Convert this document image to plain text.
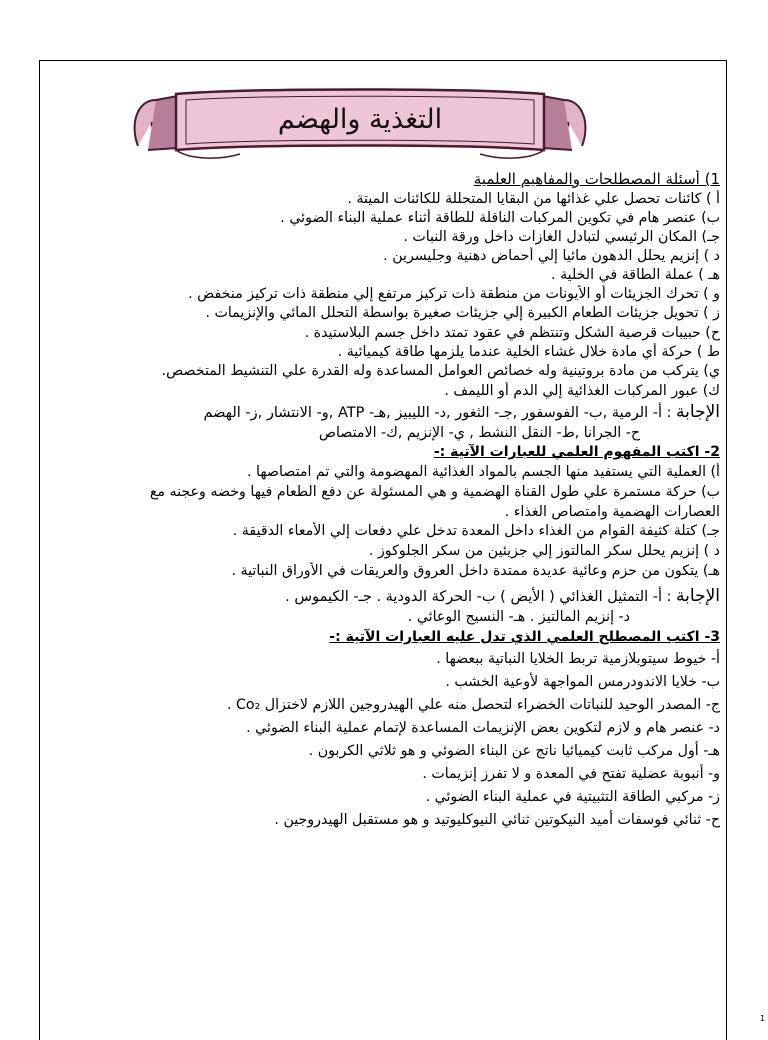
التغذية والهضم
1) أسئلة المصطلحات والمفاهيم العلمية
أ ) كائنات تحصل علي غذائها من البقايا المتحللة للكائنات الميتة .
ب) عنصر هام في تكوين المركبات الناقلة للطاقة أثناء عملية البناء الضوئي .
جـ) المكان الرئيسي لتبادل الغازات داخل ورقة النبات .
د ) إنزيم يحلل الدهون مائيا إلي أحماض دهنية وجليسرين .
هـ ) عملة الطاقة في الخلية .
و ) تحرك الجزيئات أو الأيونات من منطقة ذات تركيز مرتفع إلي منطقة ذات تركيز منخفض .
ز ) تحويل جزيئات الطعام الكبيرة إلي جزيئات صغيرة بواسطة التحلل المائي والإنزيمات .
ح) حبيبات قرصية الشكل وتنتظم في عقود تمتد داخل جسم البلاستيدة .
ط ) حركة أي مادة خلال غشاء الخلية عندما يلزمها طاقة كيميائية .
ي) يتركب من مادة بروتينية وله خصائص العوامل المساعدة وله القدرة علي التنشيط المتخصص.
ك) عبور المركبات الغذائية إلي الدم أو الليمف .
الإجابة : أ- الرمية ,ب- الفوسفور ,جـ- الثغور ,د- الليبيز ,هـ- ATP ,و- الانتشار ,ز- الهضم
ح- الجرانا ,ط- النقل النشط , ي- الإنزيم ,ك- الامتصاص
2- اكتب المفهوم العلمي للعبارات الآتية :-
أ) العملية التي يستفيد منها الجسم بالمواد الغذائية المهضومة والتي تم امتصاصها .
ب) حركة مستمرة علي طول القناة الهضمية و هي المسئولة عن دفع الطعام فيها وخضه وعجنه مع
العصارات الهضمية وامتصاص الغذاء .
جـ) كتلة كثيفة القوام من الغذاء داخل المعدة تدخل علي دفعات إلي الأمعاء الدقيقة .
د ) إنزيم يحلل سكر المالتوز إلي جزيئين من سكر الجلوكوز .
هـ) يتكون من حزم وعائية عديدة ممتدة داخل العروق والعريقات في الأوراق النباتية .
الإجابة : أ- التمثيل الغذائي ( الأيض ) ب- الحركة الدودية . جـ- الكيموس .
د- إنزيم المالتيز . هـ- النسيج الوعائي .
3- اكتب المصطلح العلمي الذي تدل عليه العبارات الآتية :-
أ- خيوط سيتوبلازمية تربط الخلايا النباتية ببعضها .
ب- خلايا الاندودرمس المواجهة لأوعية الخشب .
ج- المصدر الوحيد للنباتات الخضراء لتحصل منه علي الهيدروجين اللازم لاختزال Co₂ .
د- عنصر هام و لازم لتكوين بعض الإنزيمات المساعدة لإتمام عملية البناء الضوئي .
هـ- أول مركب ثابت كيميائيا ناتج عن البناء الضوئي و هو ثلاثي الكربون .
و- أنبوبة عضلية تفتح في المعدة و لا تفرز إنزيمات .
ز- مركبي الطاقة التثبيتية في عملية البناء الضوئي .
ح- ثنائي فوسفات أميد النيكوتين ثنائي النيوكليوتيد و هو مستقبل الهيدروجين .
1
